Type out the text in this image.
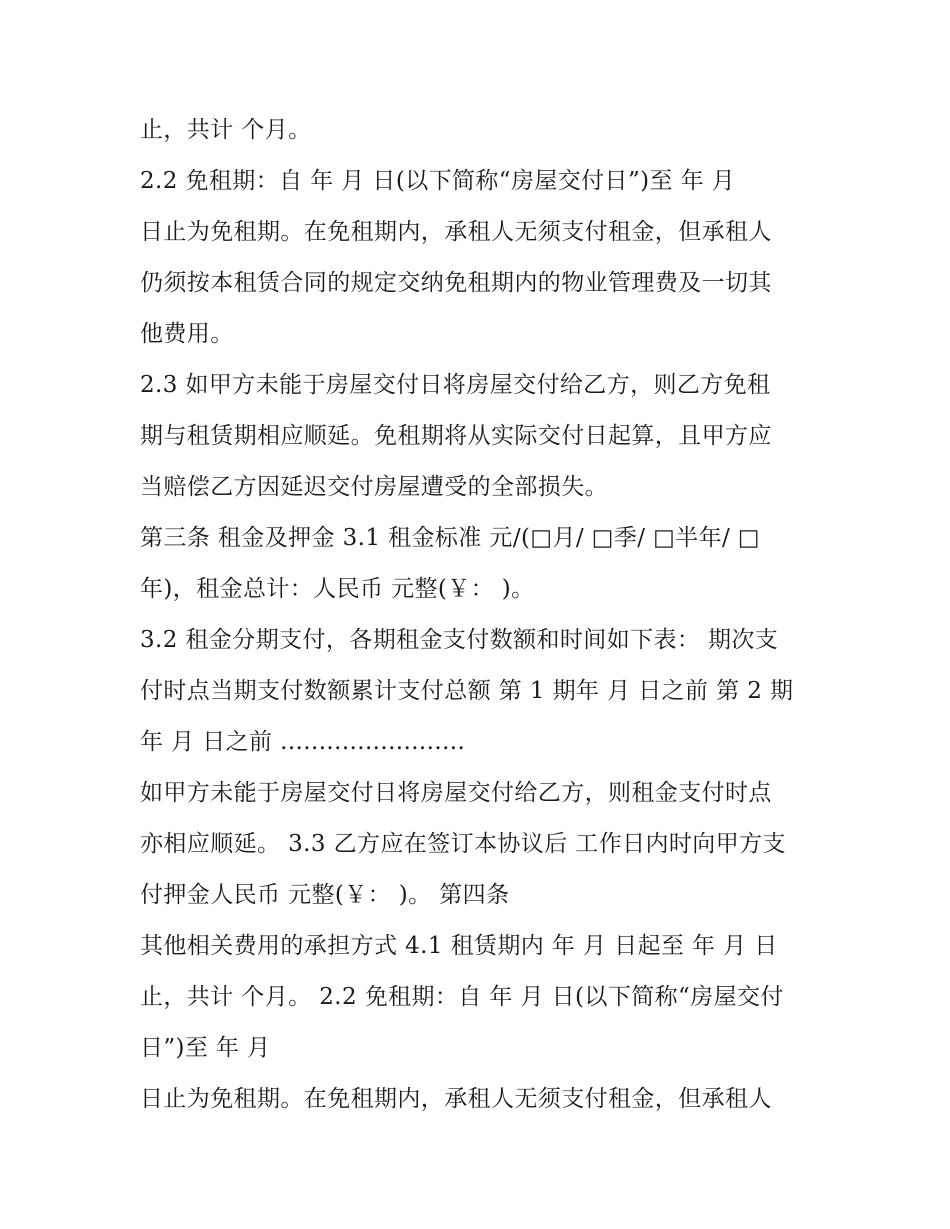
止，共计 个月。
2.2 免租期：自 年 月 日(以下简称“房屋交付日”)至 年 月
日止为免租期。在免租期内，承租人无须支付租金，但承租人
仍须按本租赁合同的规定交纳免租期内的物业管理费及一切其
他费用。
2.3 如甲方未能于房屋交付日将房屋交付给乙方，则乙方免租
期与租赁期相应顺延。免租期将从实际交付日起算，且甲方应
当赔偿乙方因延迟交付房屋遭受的全部损失。
第三条 租金及押金 3.1 租金标准 元/(□月/ □季/ □半年/ □
年)，租金总计：人民币 元整(￥： )。
3.2 租金分期支付，各期租金支付数额和时间如下表： 期次支
付时点当期支付数额累计支付总额 第 1 期年 月 日之前 第 2 期
年 月 日之前 ........................
如甲方未能于房屋交付日将房屋交付给乙方，则租金支付时点
亦相应顺延。 3.3 乙方应在签订本协议后 工作日内时向甲方支
付押金人民币 元整(￥： )。 第四条
其他相关费用的承担方式 4.1 租赁期内 年 月 日起至 年 月 日
止，共计 个月。 2.2 免租期：自 年 月 日(以下简称“房屋交付
日”)至 年 月
日止为免租期。在免租期内，承租人无须支付租金，但承租人
